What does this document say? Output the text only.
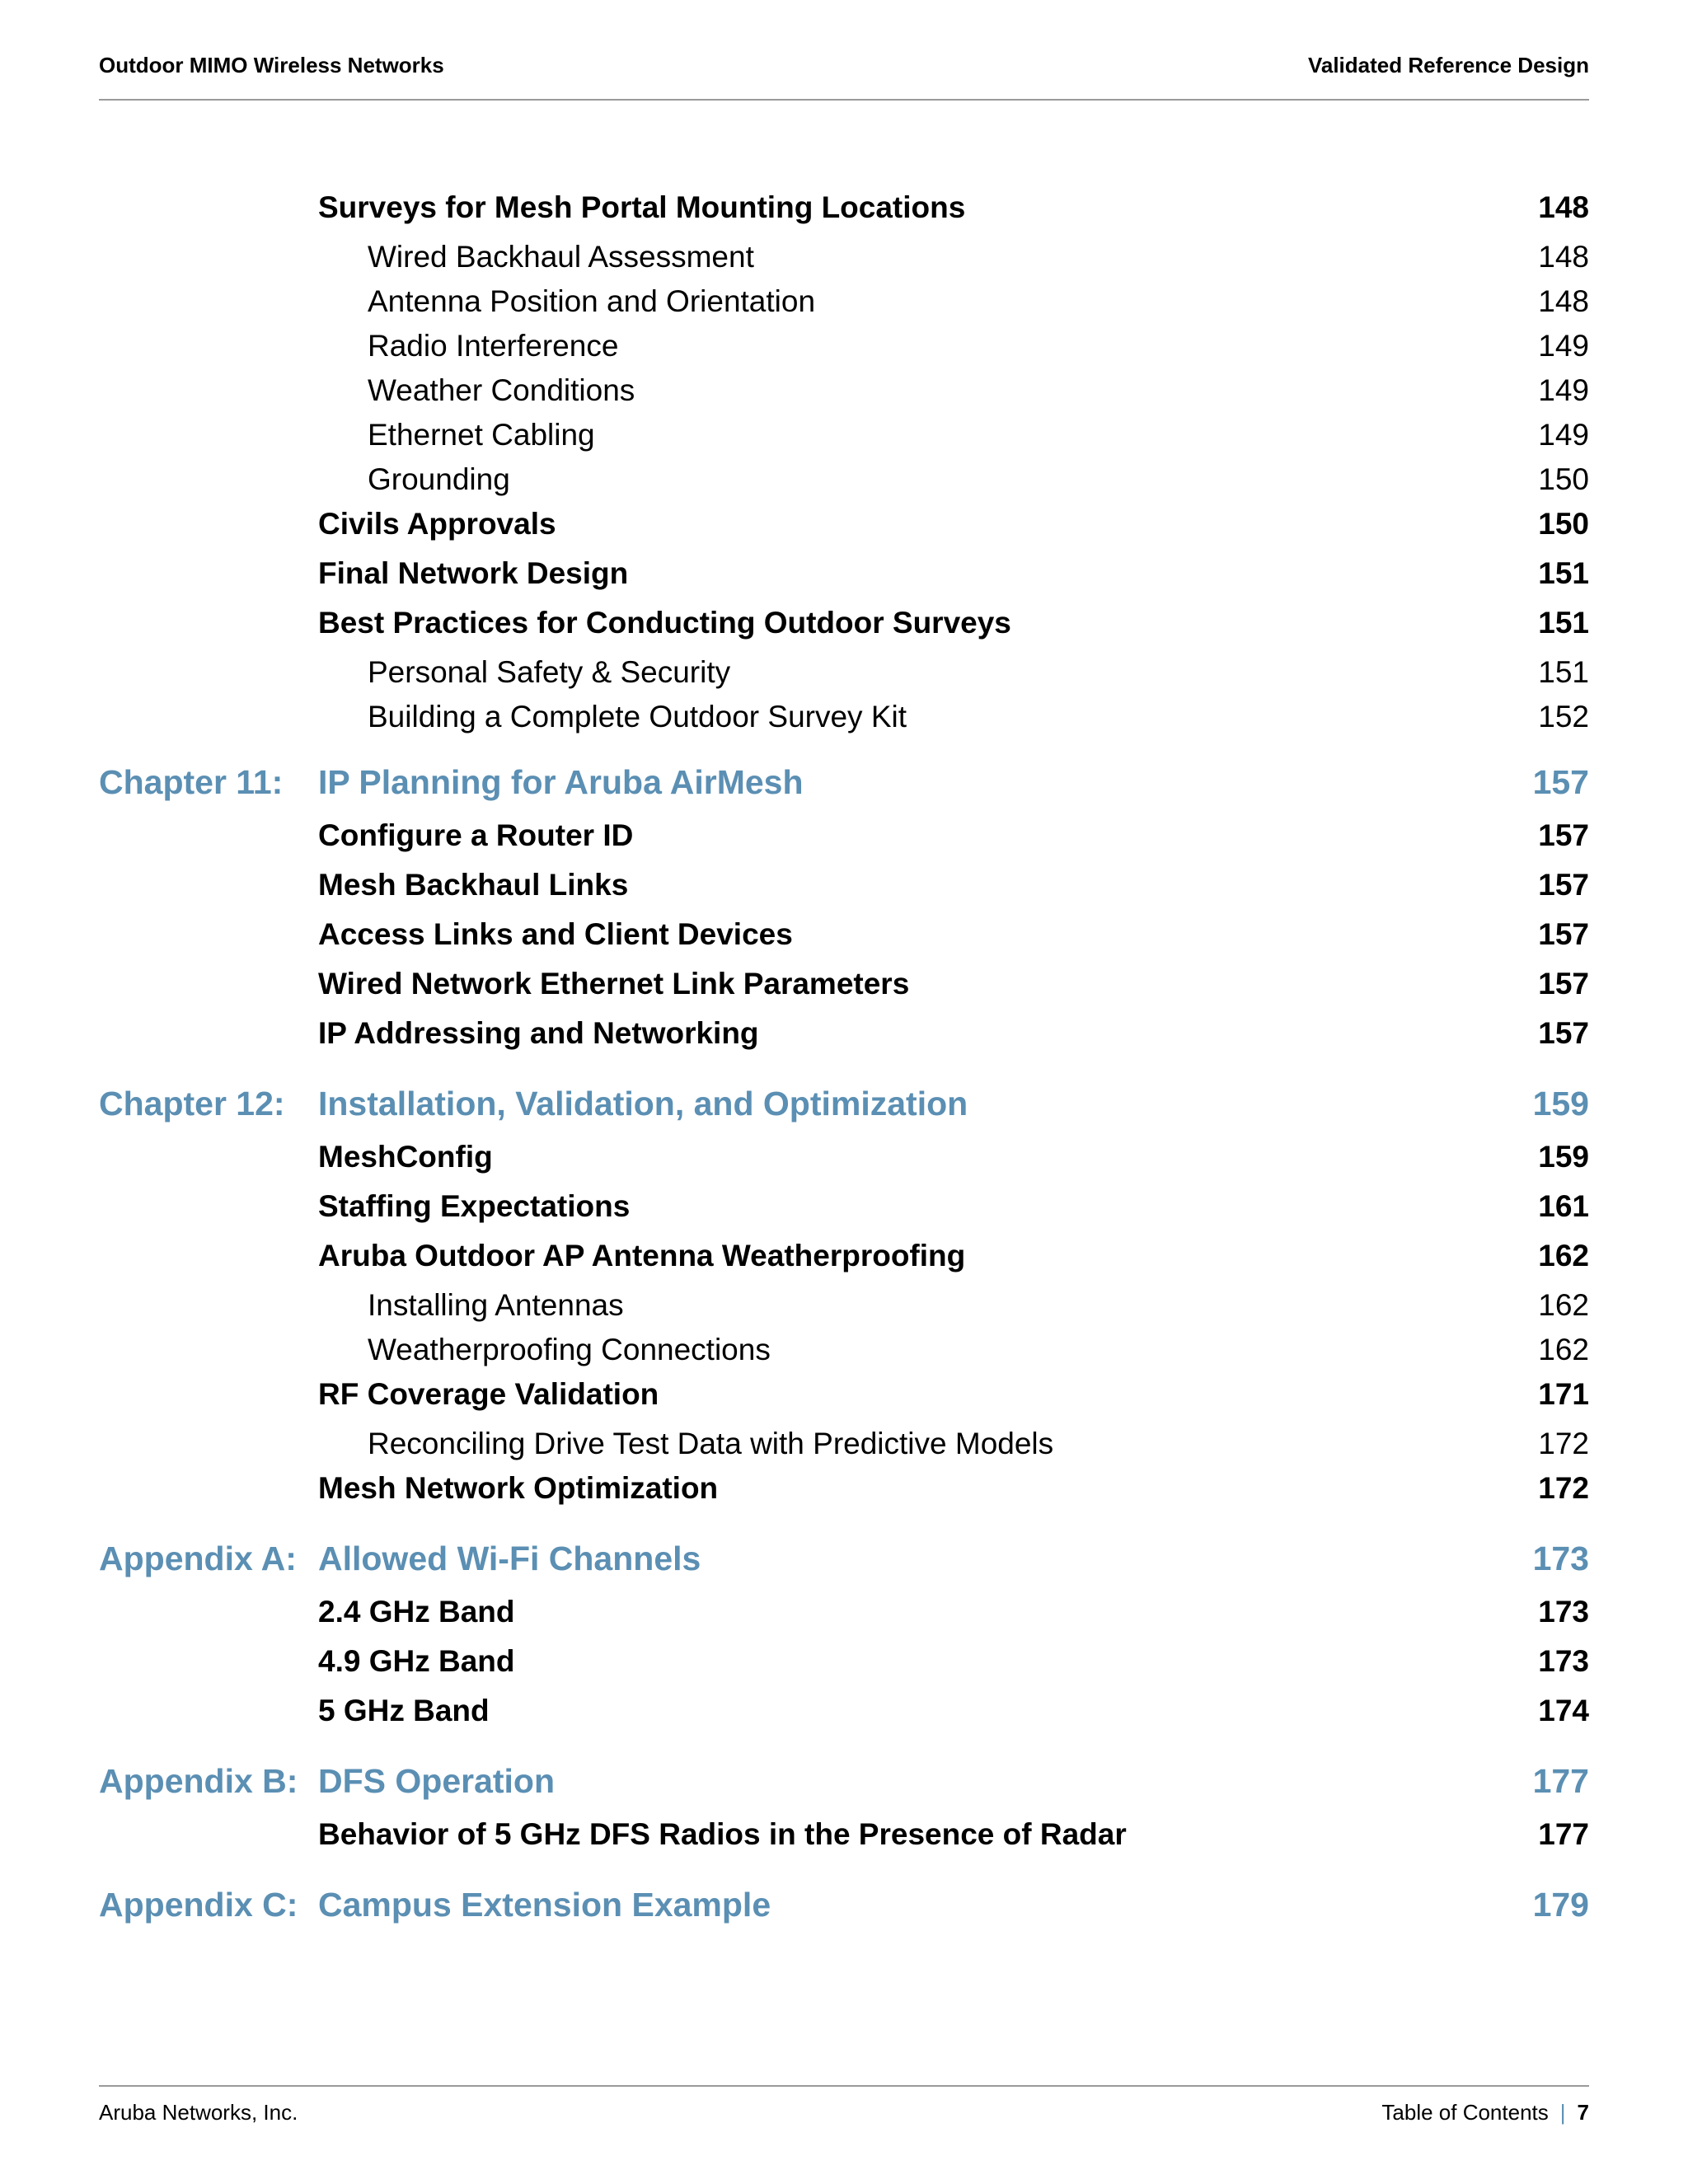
Outdoor MIMO Wireless Networks	Validated Reference Design
Surveys for Mesh Portal Mounting Locations	148
Wired Backhaul Assessment	148
Antenna Position and Orientation	148
Radio Interference	149
Weather Conditions	149
Ethernet Cabling	149
Grounding	150
Civils Approvals	150
Final Network Design	151
Best Practices for Conducting Outdoor Surveys	151
Personal Safety & Security	151
Building a Complete Outdoor Survey Kit	152
Chapter 11: IP Planning for Aruba AirMesh	157
Configure a Router ID	157
Mesh Backhaul Links	157
Access Links and Client Devices	157
Wired Network Ethernet Link Parameters	157
IP Addressing and Networking	157
Chapter 12: Installation, Validation, and Optimization	159
MeshConfig	159
Staffing Expectations	161
Aruba Outdoor AP Antenna Weatherproofing	162
Installing Antennas	162
Weatherproofing Connections	162
RF Coverage Validation	171
Reconciling Drive Test Data with Predictive Models	172
Mesh Network Optimization	172
Appendix A: Allowed Wi-Fi Channels	173
2.4 GHz Band	173
4.9 GHz Band	173
5 GHz Band	174
Appendix B: DFS Operation	177
Behavior of 5 GHz DFS Radios in the Presence of Radar	177
Appendix C: Campus Extension Example	179
Aruba Networks, Inc.	Table of Contents | 7
